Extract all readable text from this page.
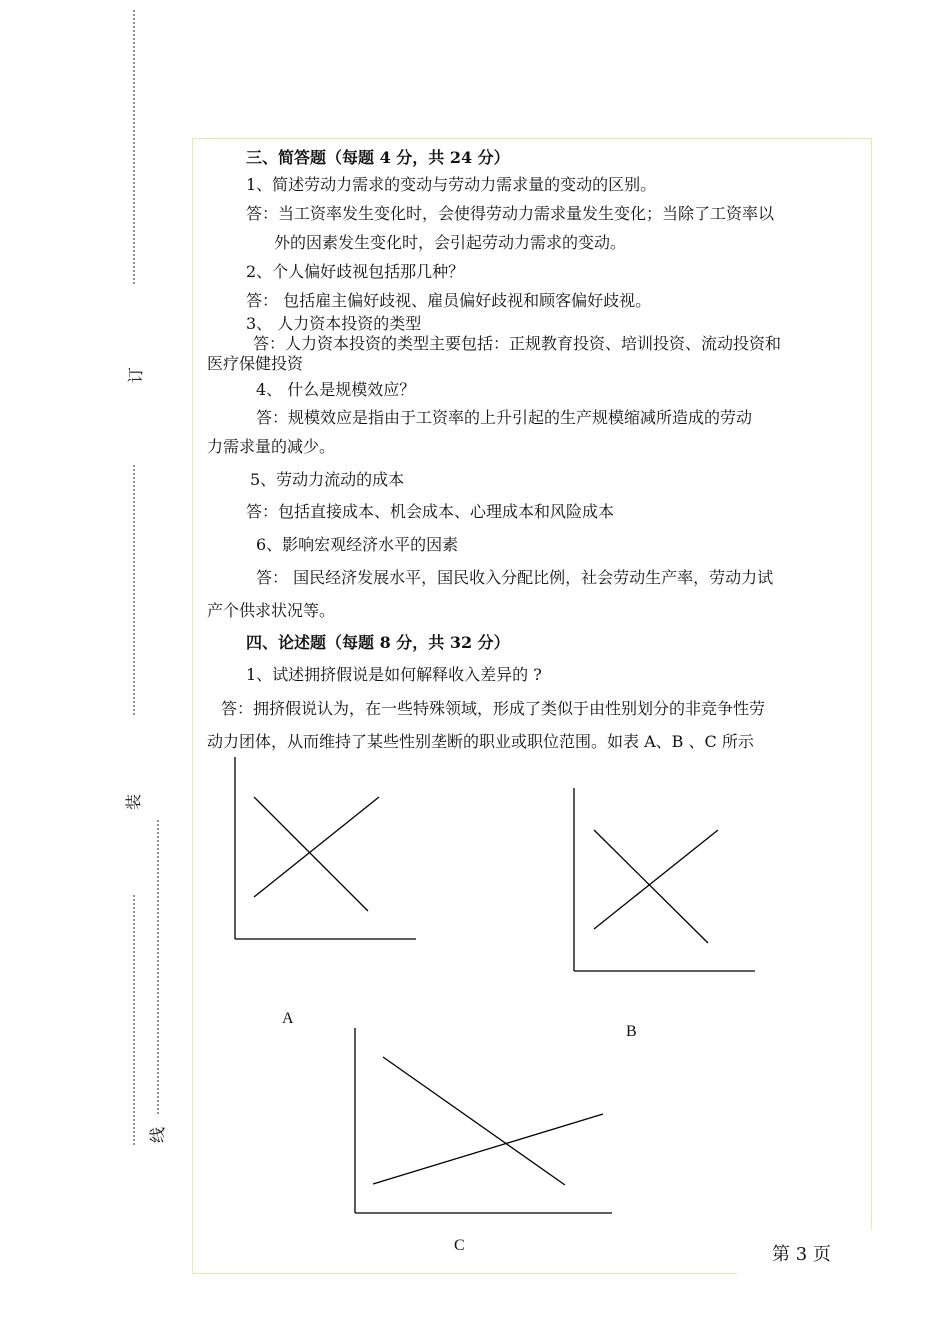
订
装
线
三、简答题（每题 4 分，共 24 分）
1、简述劳动力需求的变动与劳动力需求量的变动的区别。
答：当工资率发生变化时，会使得劳动力需求量发生变化；当除了工资率以
外的因素发生变化时，会引起劳动力需求的变动。
2、个人偏好歧视包括那几种？
答： 包括雇主偏好歧视、雇员偏好歧视和顾客偏好歧视。
3、 人力资本投资的类型
答：人力资本投资的类型主要包括：正规教育投资、培训投资、流动投资和
医疗保健投资
4、 什么是规模效应？
答：规模效应是指由于工资率的上升引起的生产规模缩减所造成的劳动
力需求量的减少。
5、劳动力流动的成本
答：包括直接成本、机会成本、心理成本和风险成本
6、影响宏观经济水平的因素
答： 国民经济发展水平，国民收入分配比例，社会劳动生产率，劳动力试
产个供求状况等。
四、论述题（每题 8 分，共 32 分）
1、试述拥挤假说是如何解释收入差异的 ?
答：拥挤假说认为，在一些特殊领域，形成了类似于由性别划分的非竞争性劳
动力团体，从而维持了某些性别垄断的职业或职位范围。如表 A、B 、C 所示
A
B
C	第 3 页
